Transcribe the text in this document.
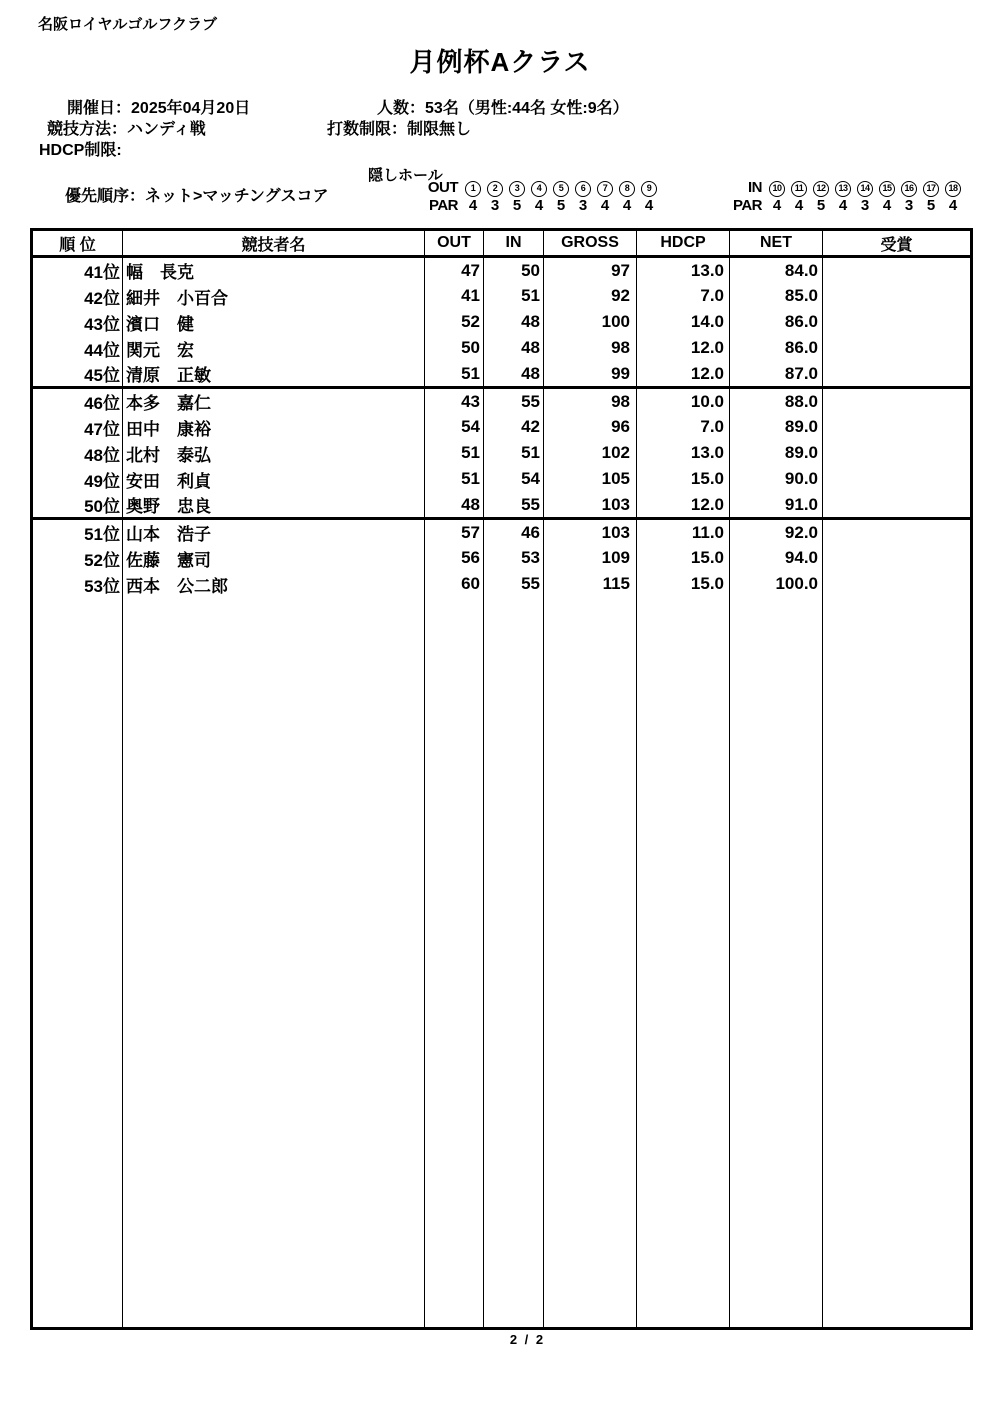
名阪ロイヤルゴルフクラブ
月例杯Aクラス
開催日：2025年04月20日
競技方法：ハンディ戦
HDCP制限:
人数：53名（男性:44名 女性:9名）
打数制限：制限無し
優先順序：ネット>マッチングスコア
隠しホール
OUT	1	2	3	4	5	6	7	8	9
PAR 4 3 5 4 5 3 4 4 4
IN	10	11	12	13	14	15	16	17	18
PAR 4 4 5 4 3 4 3 5 4
順 位	競技者名	OUT	IN	GROSS	HDCP	NET	受賞
41位	幅　長克	47	50	97	13.0	84.0	
42位	細井　小百合	41	51	92	7.0	85.0	
43位	濱口　健	52	48	100	14.0	86.0	
44位	関元　宏	50	48	98	12.0	86.0	
45位	清原　正敏	51	48	99	12.0	87.0	
46位	本多　嘉仁	43	55	98	10.0	88.0	
47位	田中　康裕	54	42	96	7.0	89.0	
48位	北村　泰弘	51	51	102	13.0	89.0	
49位	安田　利貞	51	54	105	15.0	90.0	
50位	奥野　忠良	48	55	103	12.0	91.0	
51位	山本　浩子	57	46	103	11.0	92.0	
52位	佐藤　憲司	56	53	109	15.0	94.0	
53位	西本　公二郎	60	55	115	15.0	100.0	

2 / 2
